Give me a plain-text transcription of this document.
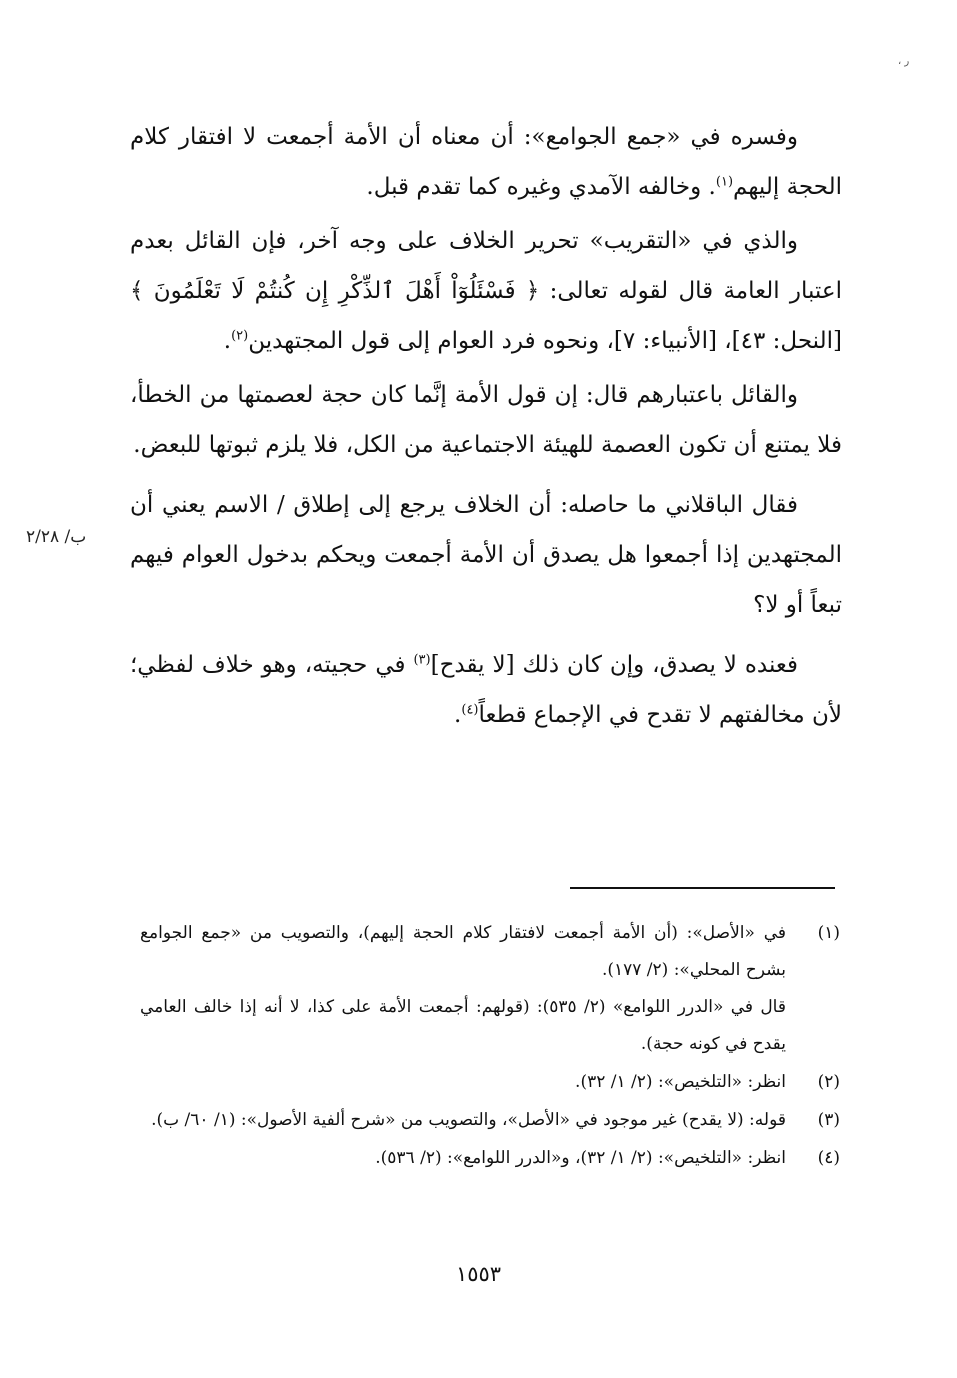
، ر

وفسره في «جمع الجوامع»: أن معناه أن الأمة أجمعت لا افتقار كلام الحجة إليهم$^{(١)}$. وخالفه الآمدي وغيره كما تقدم قبل.

والذي في «التقريب» تحرير الخلاف على وجه آخر، فإن القائل بعدم اعتبار العامة قال لقوله تعالى: ﴿ فَسْئَلُوٓاْ أَهْلَ ٱلذِّكْرِ إِن كُنتُمْ لَا تَعْلَمُونَ ﴾ [النحل: ٤٣]، [الأنبياء: ٧]، ونحوه فرد العوام إلى قول المجتهدين$^{(٢)}$.

والقائل باعتبارهم قال: إن قول الأمة إنَّما كان حجة لعصمتها من الخطأ، فلا يمتنع أن تكون العصمة للهيئة الاجتماعية من الكل، فلا يلزم ثبوتها للبعض.

فقال الباقلاني ما حاصله: أن الخلاف يرجع إلى إطلاق / الاسم يعني أن المجتهدين إذا أجمعوا هل يصدق أن الأمة أجمعت ويحكم بدخول العوام فيهم تبعاً أو لا؟

فعنده لا يصدق، وإن كان ذلك [لا يقدح]$^{(٣)}$ في حجيته، وهو خلاف لفظي؛ لأن مخالفتهم لا تقدح في الإجماع قطعاً$^{(٤)}$.

ب/ ٢/٢٨
(١)

في «الأصل»: (أن الأمة أجمعت لافتقار كلام الحجة إليهم)، والتصويب من «جمع الجوامع بشرح المحلي»: (٢/ ١٧٧).

قال في «الدرر اللوامع» (٢/ ٥٣٥): (قولهم: أجمعت الأمة على كذا، لا أنه إذا خالف العامي يقدح في كونه حجة).

(٢)

انظر: «التلخيص»: (٢/ ١/ ٣٢).

(٣)

قوله: (لا يقدح) غير موجود في «الأصل»، والتصويب من «شرح ألفية الأصول»: (١/ ٦٠/ ب).

(٤)

انظر: «التلخيص»: (٢/ ١/ ٣٢)، و«الدرر اللوامع»: (٢/ ٥٣٦).

١٥٥٣
